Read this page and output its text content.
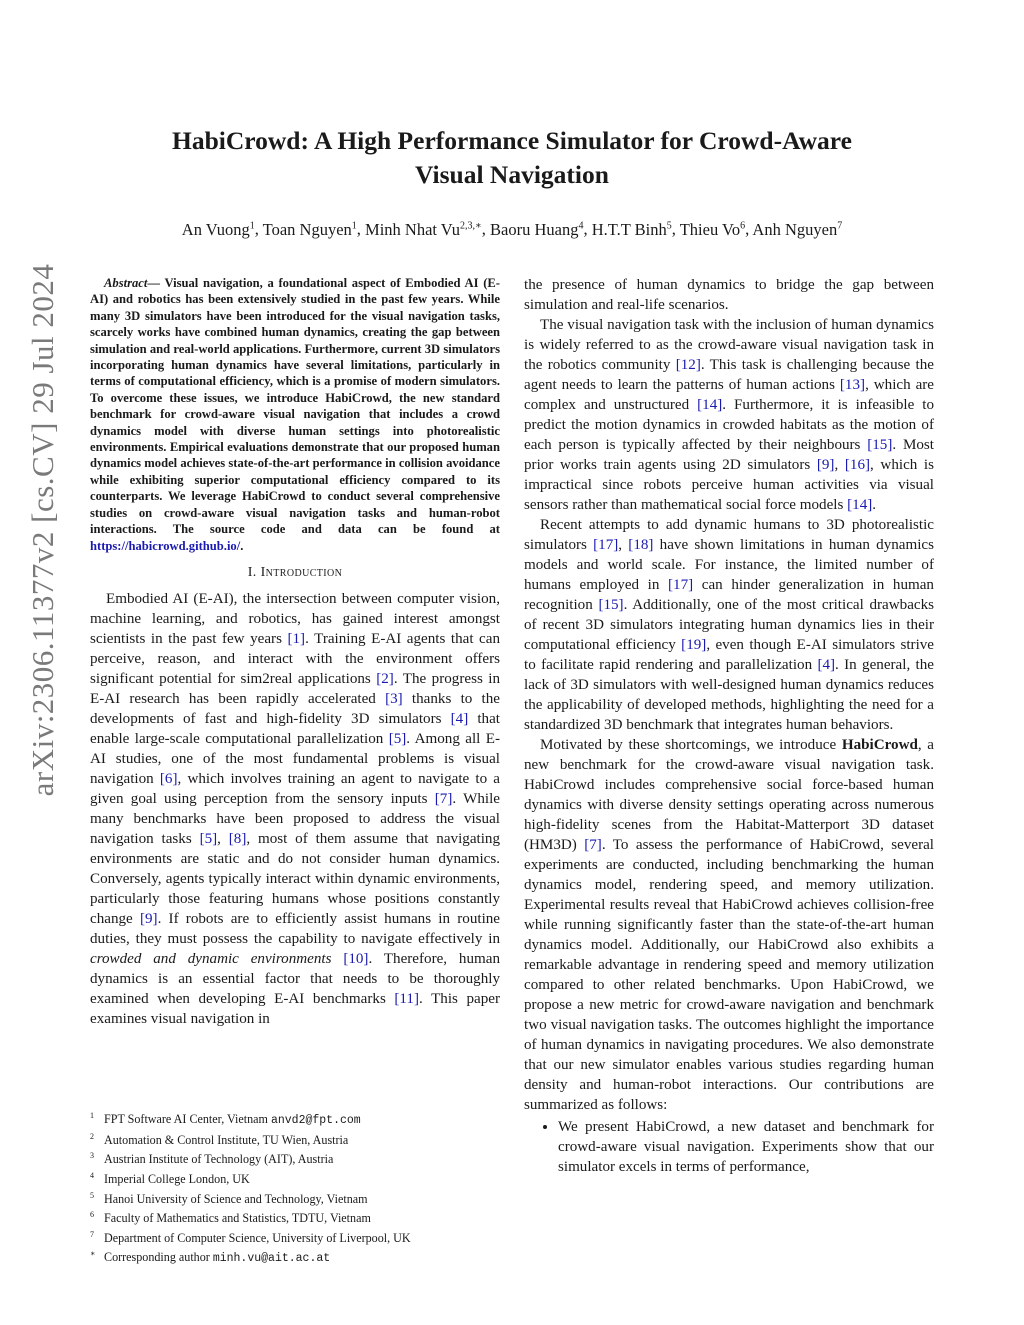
arXiv:2306.11377v2 [cs.CV] 29 Jul 2024
HabiCrowd: A High Performance Simulator for Crowd-Aware
Visual Navigation
An Vuong$^1$, Toan Nguyen$^1$, Minh Nhat $Vu^{2,3,∗}$, Baoru Huang$^4$, H.T.T Binh$^5$, Thieu Vo$^6$, Anh Nguyen$^7$

Abstract— Visual navigation, a foundational aspect of Embodied AI (E-AI) and robotics has been extensively studied in the past few years. While many 3D simulators have been introduced for the visual navigation tasks, scarcely works have combined human dynamics, creating the gap between simulation and real-world applications. Furthermore, current 3D simulators incorporating human dynamics have several limitations, particularly in terms of computational efficiency, which is a promise of modern simulators. To overcome these issues, we introduce HabiCrowd, the new standard benchmark for crowd-aware visual navigation that includes a crowd dynamics model with diverse human settings into photorealistic environments. Empirical evaluations demonstrate that our proposed human dynamics model achieves state-of-the-art performance in collision avoidance while exhibiting superior computational efficiency compared to its counterparts. We leverage HabiCrowd to conduct several comprehensive studies on crowd-aware visual navigation tasks and human-robot interactions. The source code and data can be found at https://habicrowd.github.io/.

I. Introduction

Embodied AI (E-AI), the intersection between computer vision, machine learning, and robotics, has gained interest amongst scientists in the past few years [1]. Training E-AI agents that can perceive, reason, and interact with the environment offers significant potential for sim2real applications [2]. The progress in E-AI research has been rapidly accelerated [3] thanks to the developments of fast and high-fidelity 3D simulators [4] that enable large-scale computational parallelization [5]. Among all E-AI studies, one of the most fundamental problems is visual navigation [6], which involves training an agent to navigate to a given goal using perception from the sensory inputs [7]. While many benchmarks have been proposed to address the visual navigation tasks [5], [8], most of them assume that navigating environments are static and do not consider human dynamics. Conversely, agents typically interact within dynamic environments, particularly those featuring humans whose positions constantly change [9]. If robots are to efficiently assist humans in routine duties, they must possess the capability to navigate effectively in crowded and dynamic environments [10]. Therefore, human dynamics is an essential factor that needs to be thoroughly examined when developing E-AI benchmarks [11]. This paper examines visual navigation in

$^1$ FPT Software AI Center, Vietnam anvd2@fpt.com
$^2$ Automation & Control Institute, TU Wien, Austria
$^3$ Austrian Institute of Technology (AIT), Austria
$^4$ Imperial College London, UK
$^5$ Hanoi University of Science and Technology, Vietnam
$^6$ Faculty of Mathematics and Statistics, TDTU, Vietnam
$^7$ Department of Computer Science, University of Liverpool, UK
∗ Corresponding author minh.vu@ait.ac.at

the presence of human dynamics to bridge the gap between simulation and real-life scenarios.

The visual navigation task with the inclusion of human dynamics is widely referred to as the crowd-aware visual navigation task in the robotics community [12]. This task is challenging because the agent needs to learn the patterns of human actions [13], which are complex and unstructured [14]. Furthermore, it is infeasible to predict the motion dynamics in crowded habitats as the motion of each person is typically affected by their neighbours [15]. Most prior works train agents using 2D simulators [9], [16], which is impractical since robots perceive human activities via visual sensors rather than mathematical social force models [14].

Recent attempts to add dynamic humans to 3D photorealistic simulators [17], [18] have shown limitations in human dynamics models and world scale. For instance, the limited number of humans employed in [17] can hinder generalization in human recognition [15]. Additionally, one of the most critical drawbacks of recent 3D simulators integrating human dynamics lies in their computational efficiency [19], even though E-AI simulators strive to facilitate rapid rendering and parallelization [4]. In general, the lack of 3D simulators with well-designed human dynamics reduces the applicability of developed methods, highlighting the need for a standardized 3D benchmark that integrates human behaviors.

Motivated by these shortcomings, we introduce HabiCrowd, a new benchmark for the crowd-aware visual navigation task. HabiCrowd includes comprehensive social force-based human dynamics with diverse density settings operating across numerous high-fidelity scenes from the Habitat-Matterport 3D dataset (HM3D) [7]. To assess the performance of HabiCrowd, several experiments are conducted, including benchmarking the human dynamics model, rendering speed, and memory utilization. Experimental results reveal that HabiCrowd achieves collision-free while running significantly faster than the state-of-the-art human dynamics model. Additionally, our HabiCrowd also exhibits a remarkable advantage in rendering speed and memory utilization compared to other related benchmarks. Upon HabiCrowd, we propose a new metric for crowd-aware navigation and benchmark two visual navigation tasks. The outcomes highlight the importance of human dynamics in navigating procedures. We also demonstrate that our new simulator enables various studies regarding human density and human-robot interactions. Our contributions are summarized as follows:

• We present HabiCrowd, a new dataset and benchmark for crowd-aware visual navigation. Experiments show that our simulator excels in terms of performance,
